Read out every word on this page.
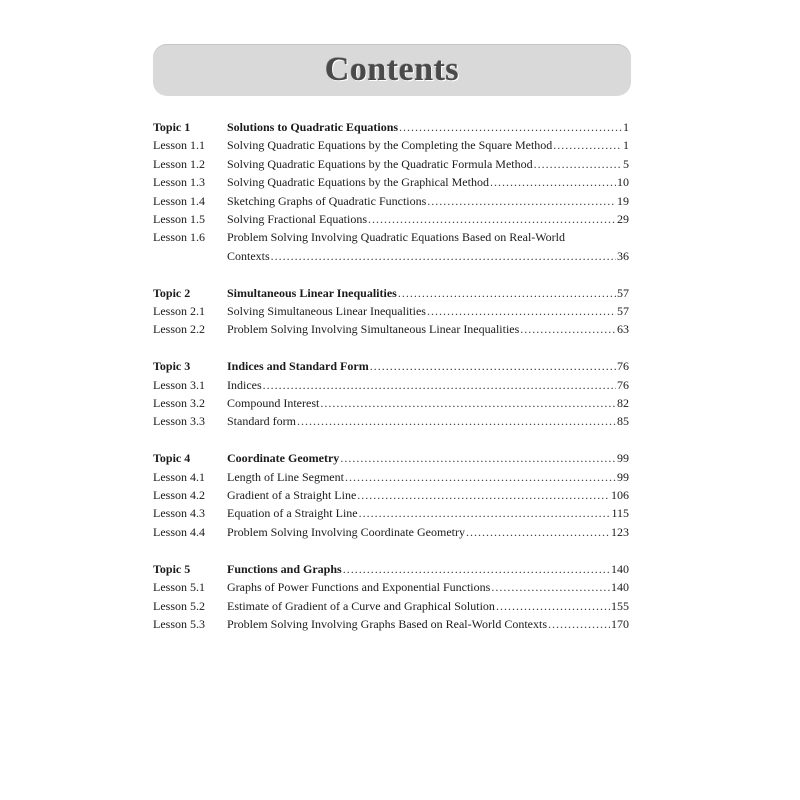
Contents
Topic 1	Solutions to Quadratic Equations .....	1
Lesson 1.1	Solving Quadratic Equations by the Completing the Square Method .....	1
Lesson 1.2	Solving Quadratic Equations by the Quadratic Formula Method .....	5
Lesson 1.3	Solving Quadratic Equations by the Graphical Method .....	10
Lesson 1.4	Sketching Graphs of Quadratic Functions .....	19
Lesson 1.5	Solving Fractional Equations .....	29
Lesson 1.6	Problem Solving Involving Quadratic Equations Based on Real-World
Contexts .....	36
Topic 2	Simultaneous Linear Inequalities .....	57
Lesson 2.1	Solving Simultaneous Linear Inequalities .....	57
Lesson 2.2	Problem Solving Involving Simultaneous Linear Inequalities .....	63
Topic 3	Indices and Standard Form .....	76
Lesson 3.1	Indices .....	76
Lesson 3.2	Compound Interest .....	82
Lesson 3.3	Standard form .....	85
Topic 4	Coordinate Geometry .....	99
Lesson 4.1	Length of Line Segment .....	99
Lesson 4.2	Gradient of a Straight Line .....	106
Lesson 4.3	Equation of a Straight Line .....	115
Lesson 4.4	Problem Solving Involving Coordinate Geometry .....	123
Topic 5	Functions and Graphs .....	140
Lesson 5.1	Graphs of Power Functions and Exponential Functions .....	140
Lesson 5.2	Estimate of Gradient of a Curve and Graphical Solution .....	155
Lesson 5.3	Problem Solving Involving Graphs Based on Real-World Contexts .....	170
